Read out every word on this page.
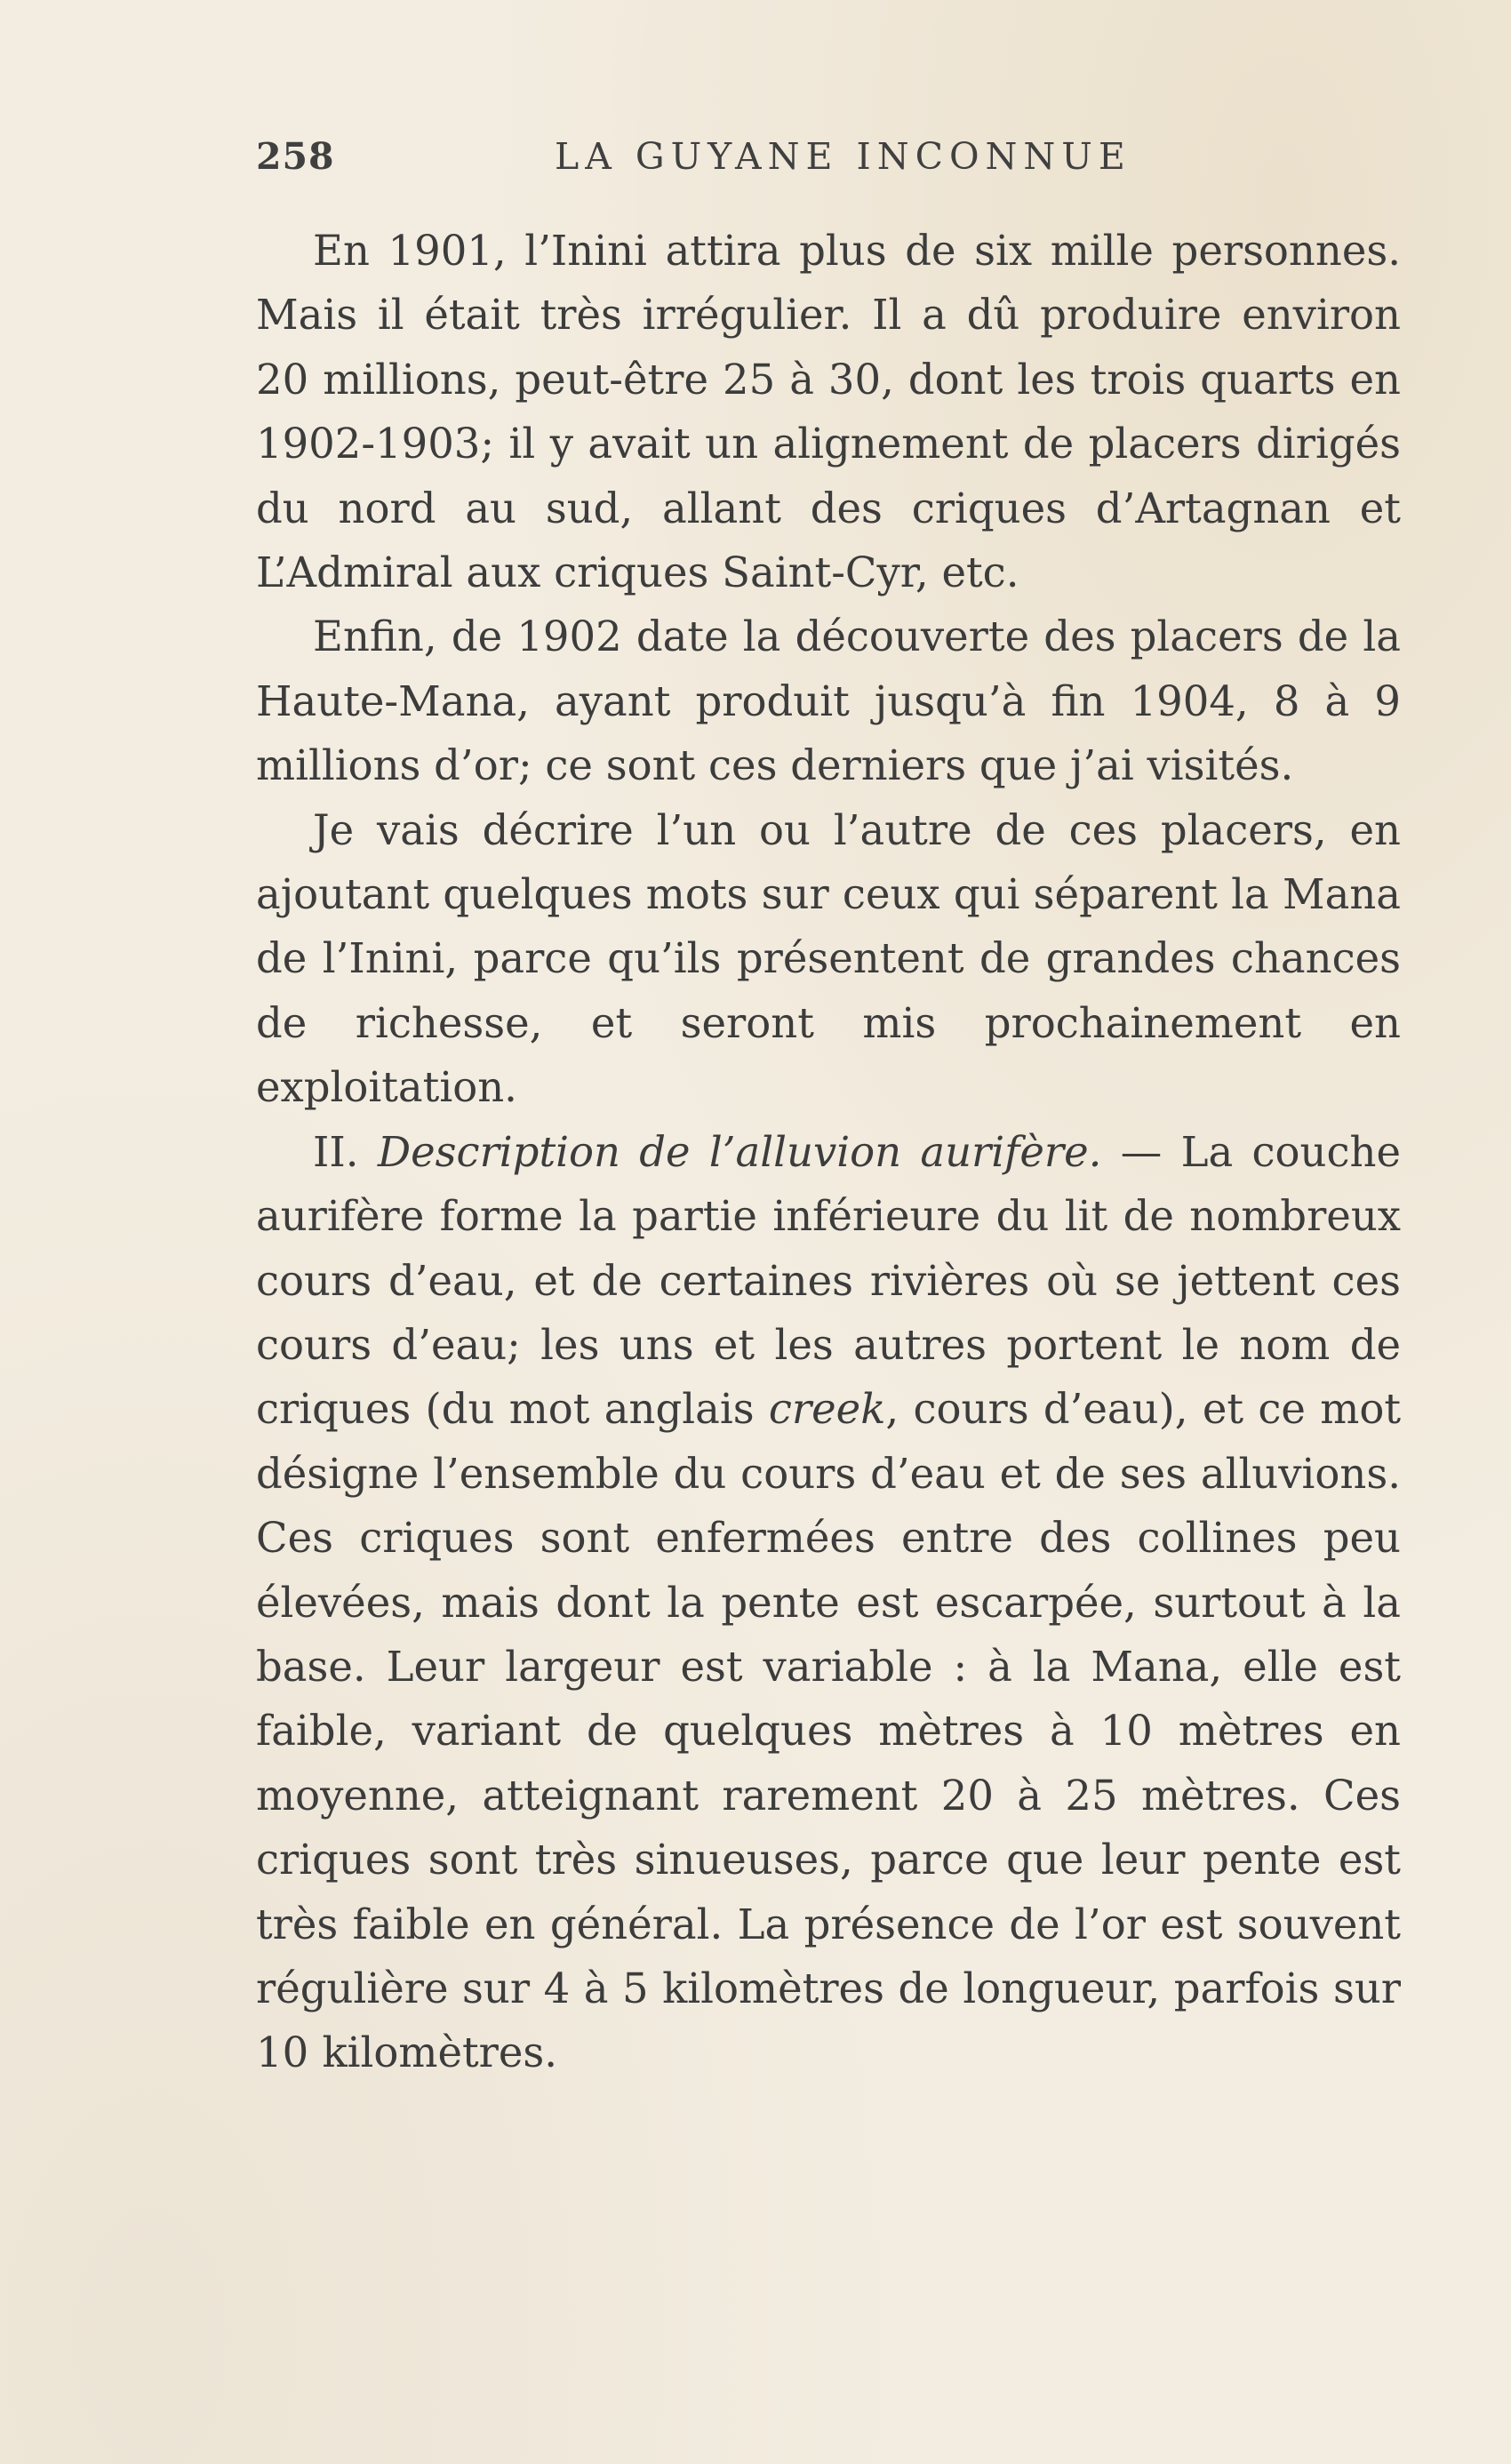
258	LA GUYANE INCONNUE

En 1901, l’Inini attira plus de six mille personnes. Mais il était très irrégulier. Il a dû produire environ 20 millions, peut-être 25 à 30, dont les trois quarts en 1902-1903; il y avait un alignement de placers dirigés du nord au sud, allant des criques d’Artagnan et L’Admiral aux criques Saint-Cyr, etc.

Enfin, de 1902 date la découverte des placers de la Haute-Mana, ayant produit jusqu’à fin 1904, 8 à 9 millions d’or; ce sont ces derniers que j’ai visités.

Je vais décrire l’un ou l’autre de ces placers, en ajoutant quelques mots sur ceux qui séparent la Mana de l’Inini, parce qu’ils présentent de grandes chances de richesse, et seront mis prochainement en exploitation.

II. Description de l’alluvion aurifère. — La couche aurifère forme la partie inférieure du lit de nombreux cours d’eau, et de certaines rivières où se jettent ces cours d’eau; les uns et les autres portent le nom de criques (du mot anglais creek, cours d’eau), et ce mot désigne l’ensemble du cours d’eau et de ses alluvions. Ces criques sont enfermées entre des collines peu élevées, mais dont la pente est escarpée, surtout à la base. Leur largeur est variable : à la Mana, elle est faible, variant de quelques mètres à 10 mètres en moyenne, atteignant rarement 20 à 25 mètres. Ces criques sont très sinueuses, parce que leur pente est très faible en général. La présence de l’or est souvent régulière sur 4 à 5 kilomètres de longueur, parfois sur 10 kilomètres.
